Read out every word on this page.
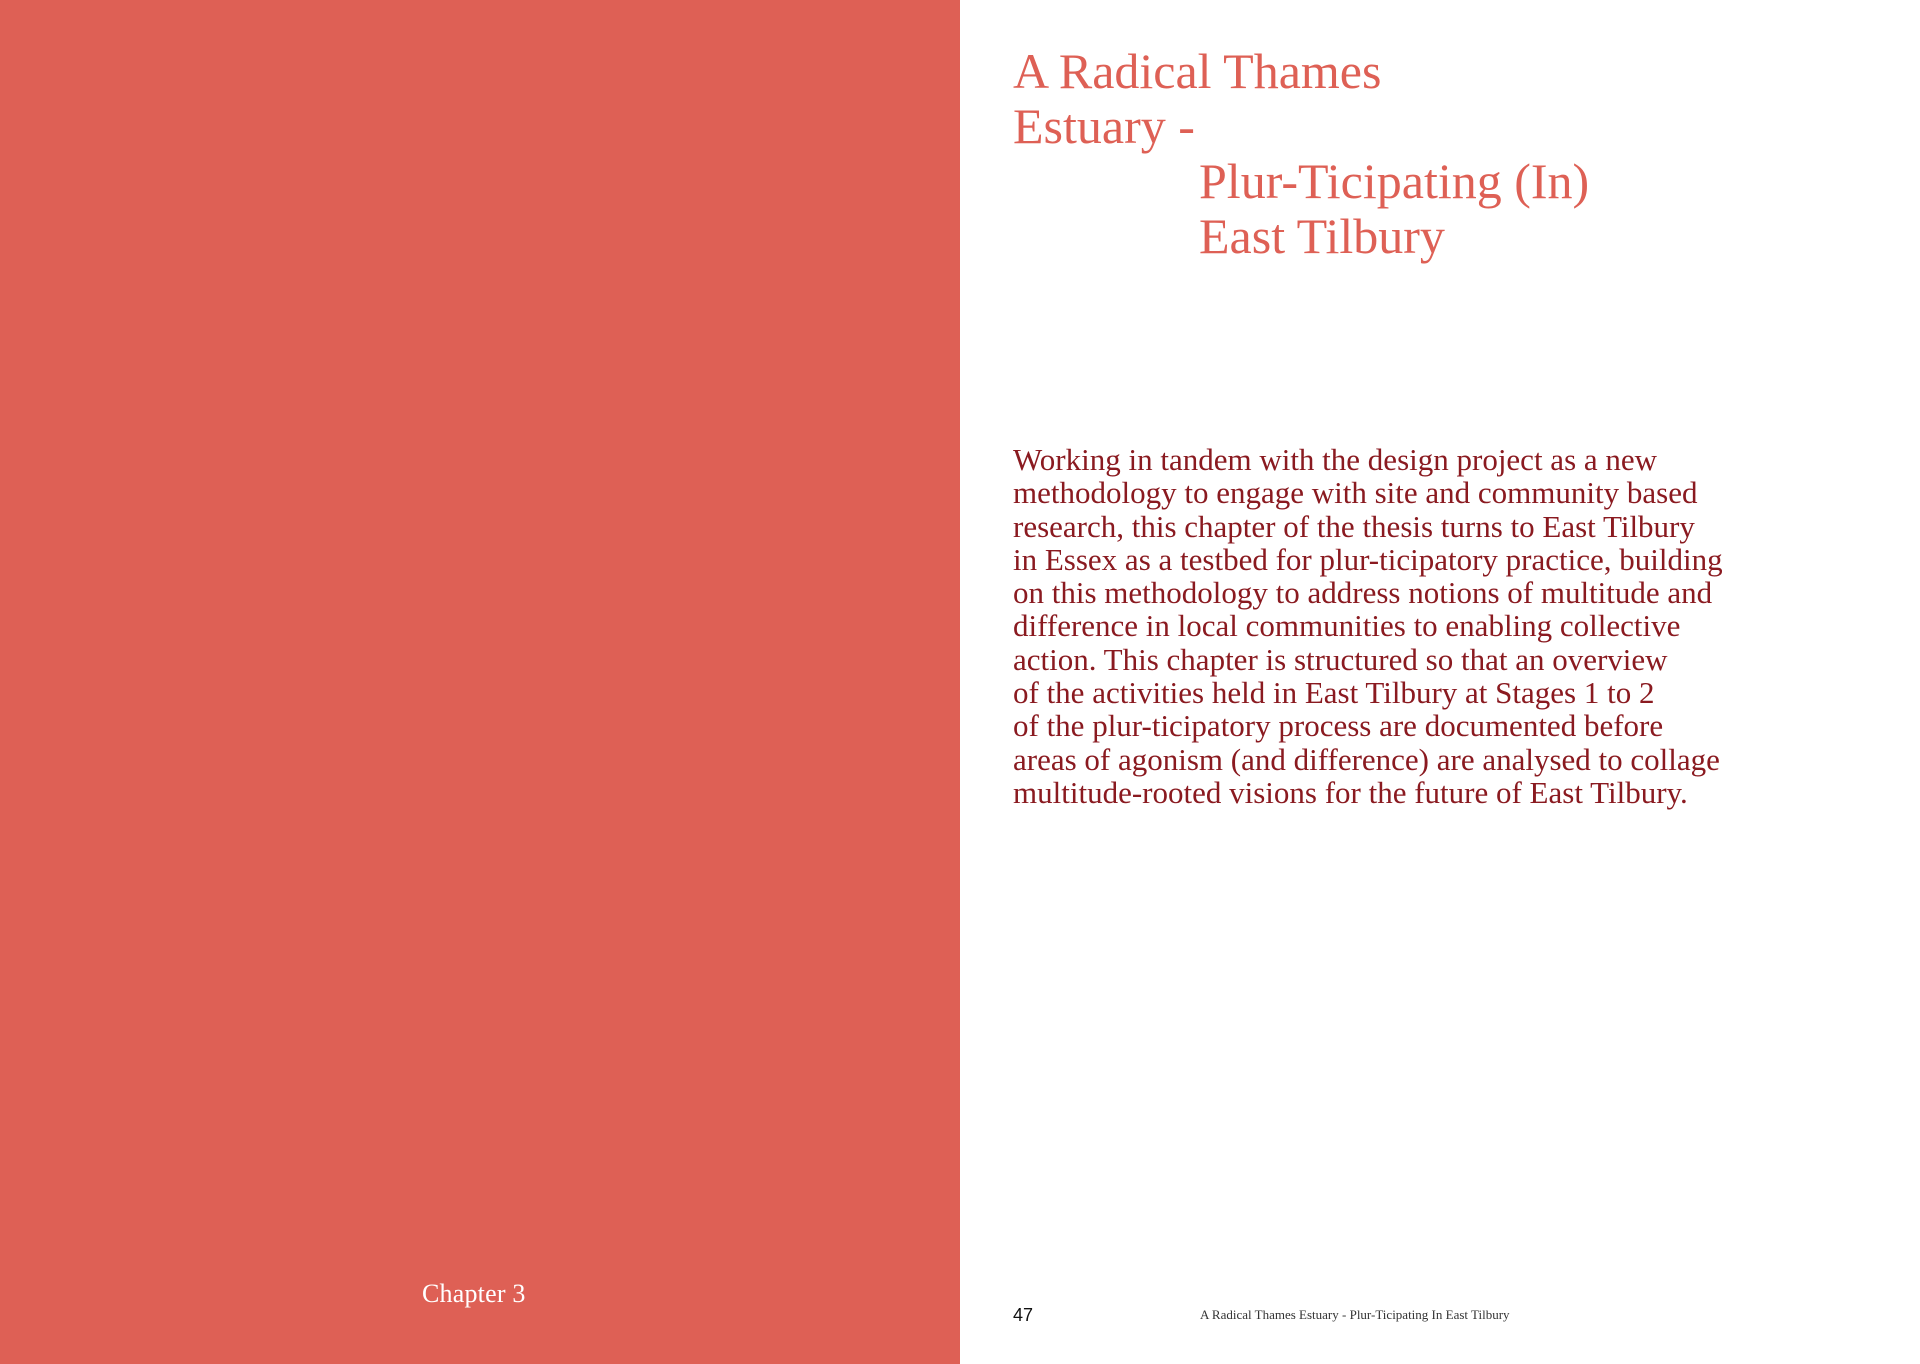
Chapter 3
A Radical Thames
Estuary -
Plur-Ticipating (In)
East Tilbury

Working in tandem with the design project as a new
methodology to engage with site and community based
research, this chapter of the thesis turns to East Tilbury
in Essex as a testbed for plur-ticipatory practice, building
on this methodology to address notions of multitude and
difference in local communities to enabling collective
action. This chapter is structured so that an overview
of the activities held in East Tilbury at Stages 1 to 2
of the plur-ticipatory process are documented before
areas of agonism (and difference) are analysed to collage
multitude-rooted visions for the future of East Tilbury.

47	A Radical Thames Estuary - Plur-Ticipating In East Tilbury
